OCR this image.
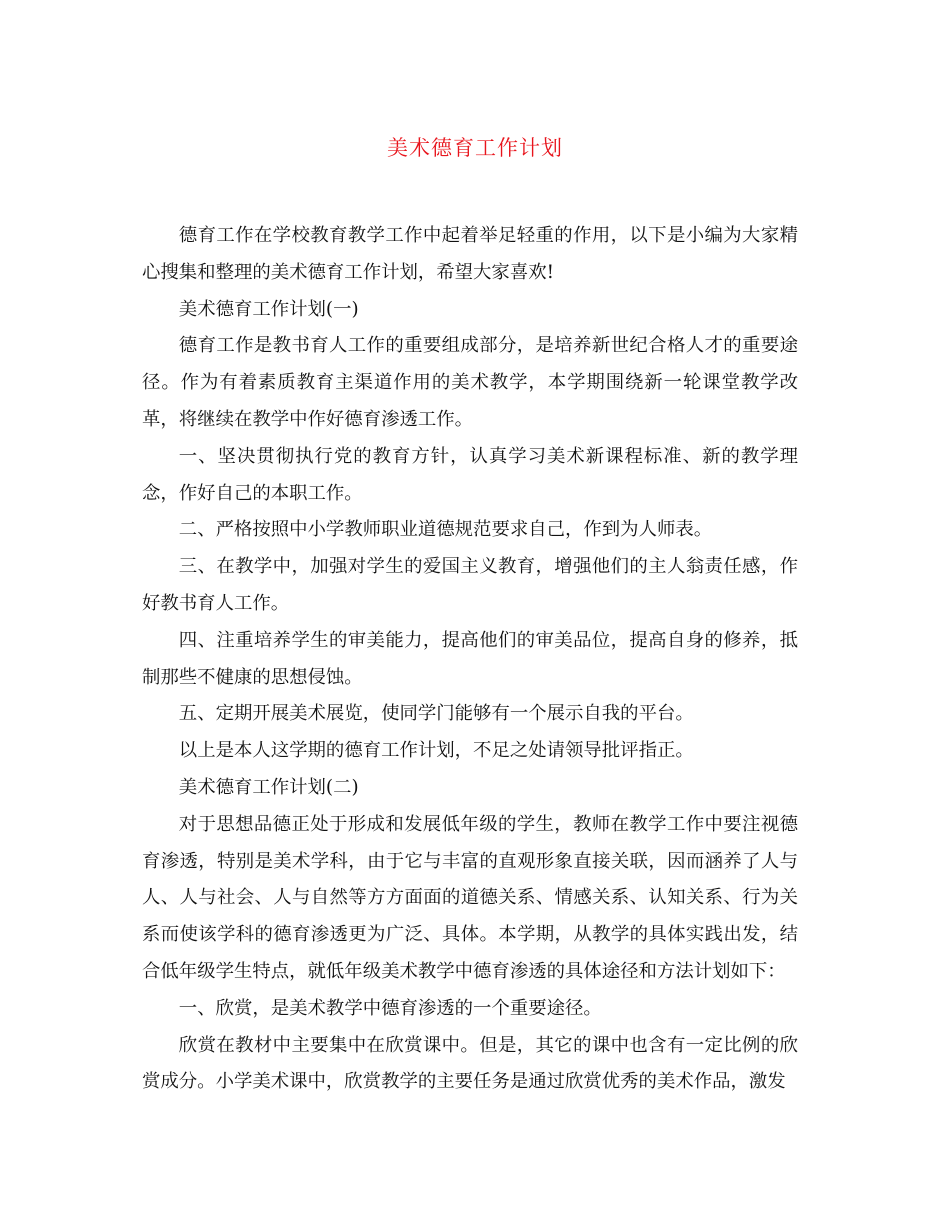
美术德育工作计划

德育工作在学校教育教学工作中起着举足轻重的作用，以下是小编为大家精心搜集和整理的美术德育工作计划，希望大家喜欢!

美术德育工作计划(一)

德育工作是教书育人工作的重要组成部分，是培养新世纪合格人才的重要途径。作为有着素质教育主渠道作用的美术教学，本学期围绕新一轮课堂教学改革，将继续在教学中作好德育渗透工作。

一、坚决贯彻执行党的教育方针，认真学习美术新课程标准、新的教学理念，作好自己的本职工作。

二、严格按照中小学教师职业道德规范要求自己，作到为人师表。

三、在教学中，加强对学生的爱国主义教育，增强他们的主人翁责任感，作好教书育人工作。

四、注重培养学生的审美能力，提高他们的审美品位，提高自身的修养，抵制那些不健康的思想侵蚀。

五、定期开展美术展览，使同学门能够有一个展示自我的平台。

以上是本人这学期的德育工作计划，不足之处请领导批评指正。

美术德育工作计划(二)

对于思想品德正处于形成和发展低年级的学生，教师在教学工作中要注视德育渗透，特别是美术学科，由于它与丰富的直观形象直接关联，因而涵养了人与人、人与社会、人与自然等方方面面的道德关系、情感关系、认知关系、行为关系而使该学科的德育渗透更为广泛、具体。本学期，从教学的具体实践出发，结合低年级学生特点，就低年级美术教学中德育渗透的具体途径和方法计划如下：

一、欣赏，是美术教学中德育渗透的一个重要途径。

欣赏在教材中主要集中在欣赏课中。但是，其它的课中也含有一定比例的欣赏成分。小学美术课中，欣赏教学的主要任务是通过欣赏优秀的美术作品，激发
